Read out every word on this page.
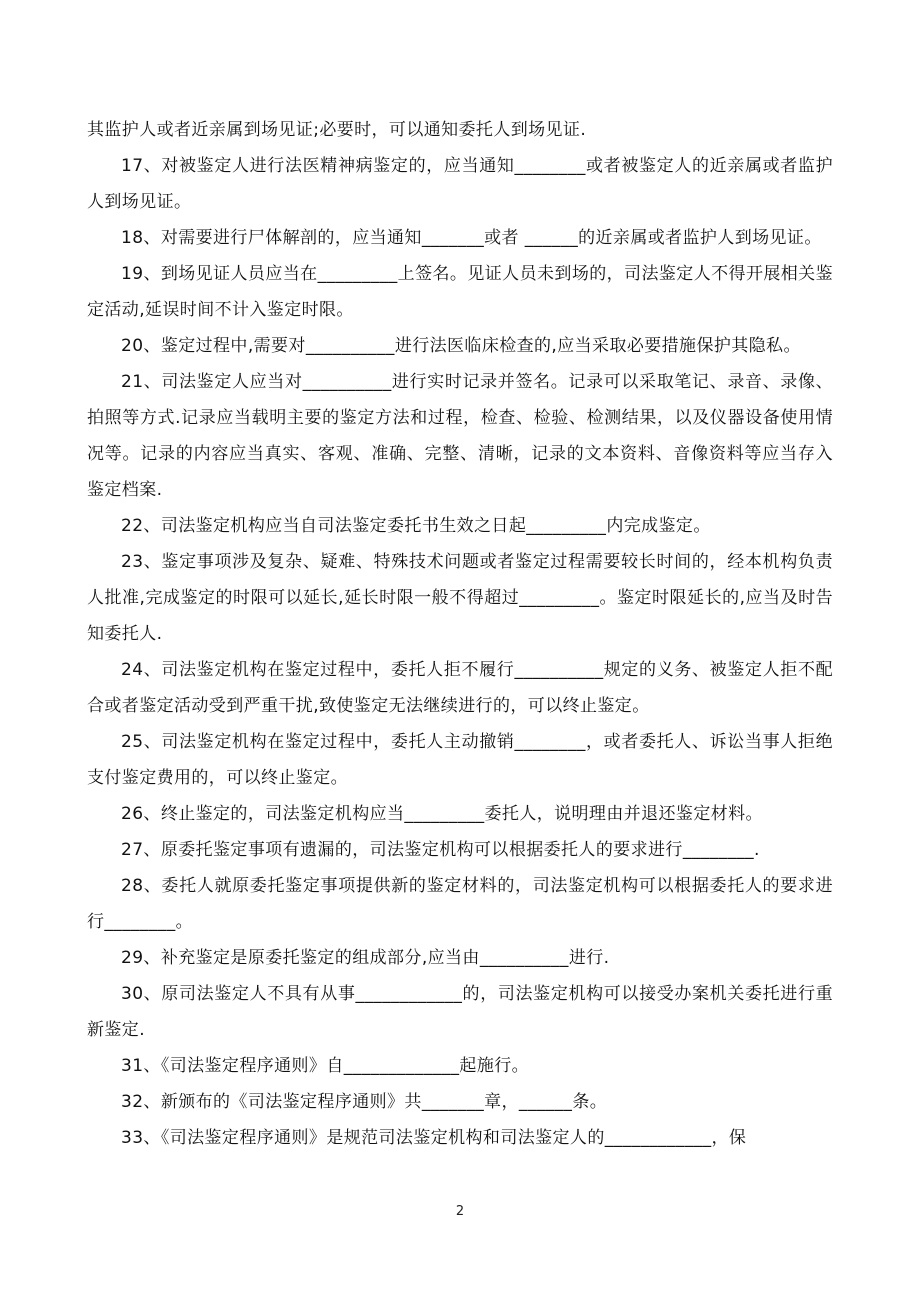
其监护人或者近亲属到场见证;必要时，可以通知委托人到场见证.

17、对被鉴定人进行法医精神病鉴定的，应当通知________或者被鉴定人的近亲属或者监护人到场见证。

18、对需要进行尸体解剖的，应当通知_______或者 ______的近亲属或者监护人到场见证。

19、到场见证人员应当在_________上签名。见证人员未到场的，司法鉴定人不得开展相关鉴定活动,延误时间不计入鉴定时限。

20、鉴定过程中,需要对__________进行法医临床检查的,应当采取必要措施保护其隐私。

21、司法鉴定人应当对__________进行实时记录并签名。记录可以采取笔记、录音、录像、拍照等方式.记录应当载明主要的鉴定方法和过程，检查、检验、检测结果，以及仪器设备使用情况等。记录的内容应当真实、客观、准确、完整、清晰，记录的文本资料、音像资料等应当存入鉴定档案.

22、司法鉴定机构应当自司法鉴定委托书生效之日起_________内完成鉴定。

23、鉴定事项涉及复杂、疑难、特殊技术问题或者鉴定过程需要较长时间的，经本机构负责人批准,完成鉴定的时限可以延长,延长时限一般不得超过_________。鉴定时限延长的,应当及时告知委托人.

24、司法鉴定机构在鉴定过程中，委托人拒不履行__________规定的义务、被鉴定人拒不配合或者鉴定活动受到严重干扰,致使鉴定无法继续进行的，可以终止鉴定。

25、司法鉴定机构在鉴定过程中，委托人主动撤销________，或者委托人、诉讼当事人拒绝支付鉴定费用的，可以终止鉴定。

26、终止鉴定的，司法鉴定机构应当_________委托人，说明理由并退还鉴定材料。

27、原委托鉴定事项有遗漏的，司法鉴定机构可以根据委托人的要求进行________.

28、委托人就原委托鉴定事项提供新的鉴定材料的，司法鉴定机构可以根据委托人的要求进行________。

29、补充鉴定是原委托鉴定的组成部分,应当由__________进行.

30、原司法鉴定人不具有从事____________的，司法鉴定机构可以接受办案机关委托进行重新鉴定.

31、《司法鉴定程序通则》自_____________起施行。

32、新颁布的《司法鉴定程序通则》共_______章，______条。

33、《司法鉴定程序通则》是规范司法鉴定机构和司法鉴定人的____________，保

2
